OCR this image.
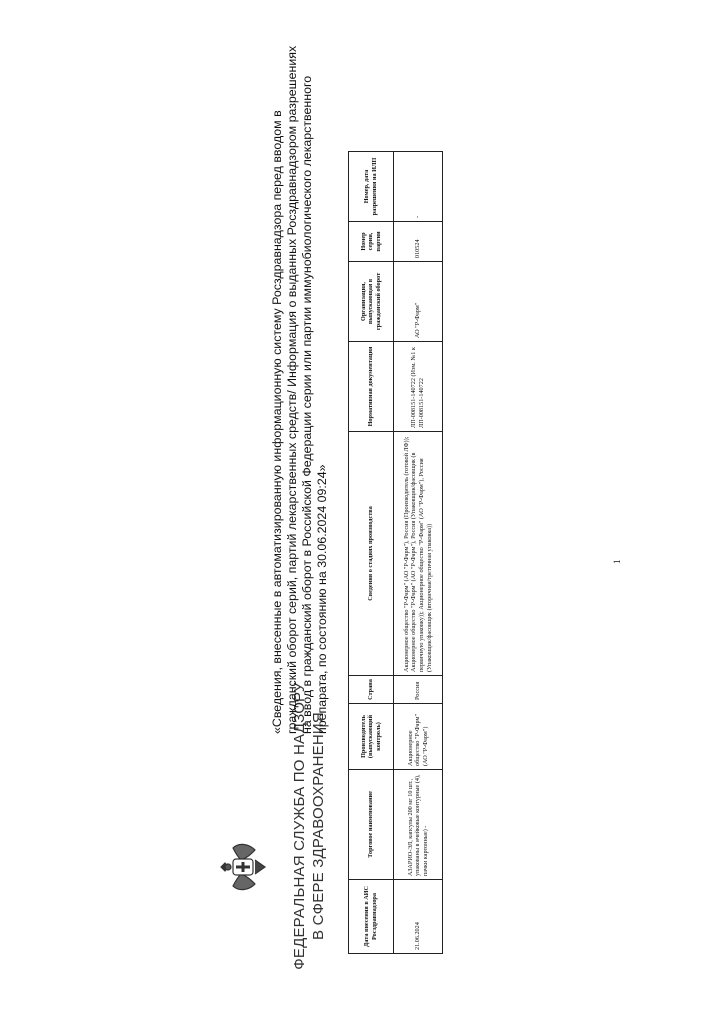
ФЕДЕРАЛЬНАЯ СЛУЖБА ПО НАДЗОРУ В СФЕРЕ ЗДРАВООХРАНЕНИЯ
«Сведения, внесенные в автоматизированную информационную систему Росздравнадзора перед вводом в гражданский оборот серий, партий лекарственных средств/ Информация о выданных Росздравнадзором разрешениях на ввод в гражданский оборот в Российской Федерации серии или партии иммунобиологического лекарственного препарата, по состоянию на 30.06.2024 09:24»
Дата внесения в АИС Росздравнадзора	Торговое наименование	Производитель (выпускающий контроль)	Страна	Сведения о стадиях производства	Нормативная документация	Организация, выпускающая в гражданский оборот	Номер серии, партии	Номер, дата разрешения на ИЛП
21.06.2024	АЗАРИО-ЭЛ, капсулы 200 мг 10 шт., упакованы в ячейковые контурные (4), пачки картонные) -	Акционерное общество "Р-Фарм" (АО "Р-Фарм")	Россия	Акционерное общество "Р-Фарм" (АО "Р-Фарм"), Россия (Производитель (готовой ЛФ)); Акционерное общество "Р-Фарм" (АО "Р-Фарм"), Россия (Упаковщик/фасовщик (в первичную упаковку)); Акционерное общество "Р-Фарм" (АО "Р-Фарм"), Россия (Упаковщик/фасовщик (вторичная/третичная упаковка))	ЛП-008151-140722 (Изм. №1 к ЛП-008151-140722	АО "Р-Фарм"	010524	-
1
